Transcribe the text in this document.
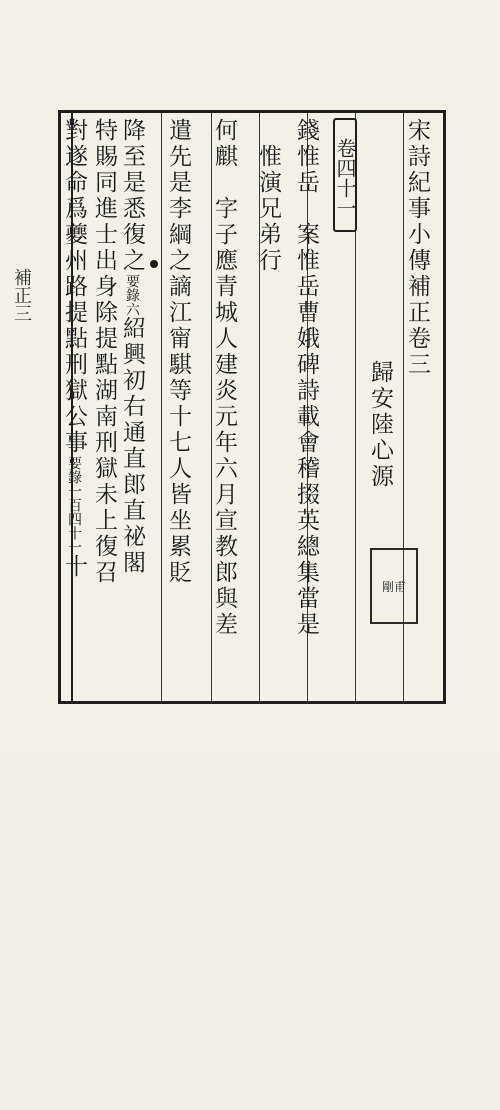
宋詩紀事小傳補正卷三
歸安陸心源
卷四十一
剛甫
錢惟岳　案惟岳曹娥碑詩載會稽掇英總集當是
　惟演兄弟行
何麒　字子應青城人建炎元年六月宣教郎與差
遣先是李綱之謫江甯騏等十七人皆坐累貶
降至是悉復之要錄六紹興初右通直郎直祕閣
特賜同進士出身除提點湖南刑獄未上復召
對遂命爲夔州路提點刑獄公事要錄一百四十一十
補正三
